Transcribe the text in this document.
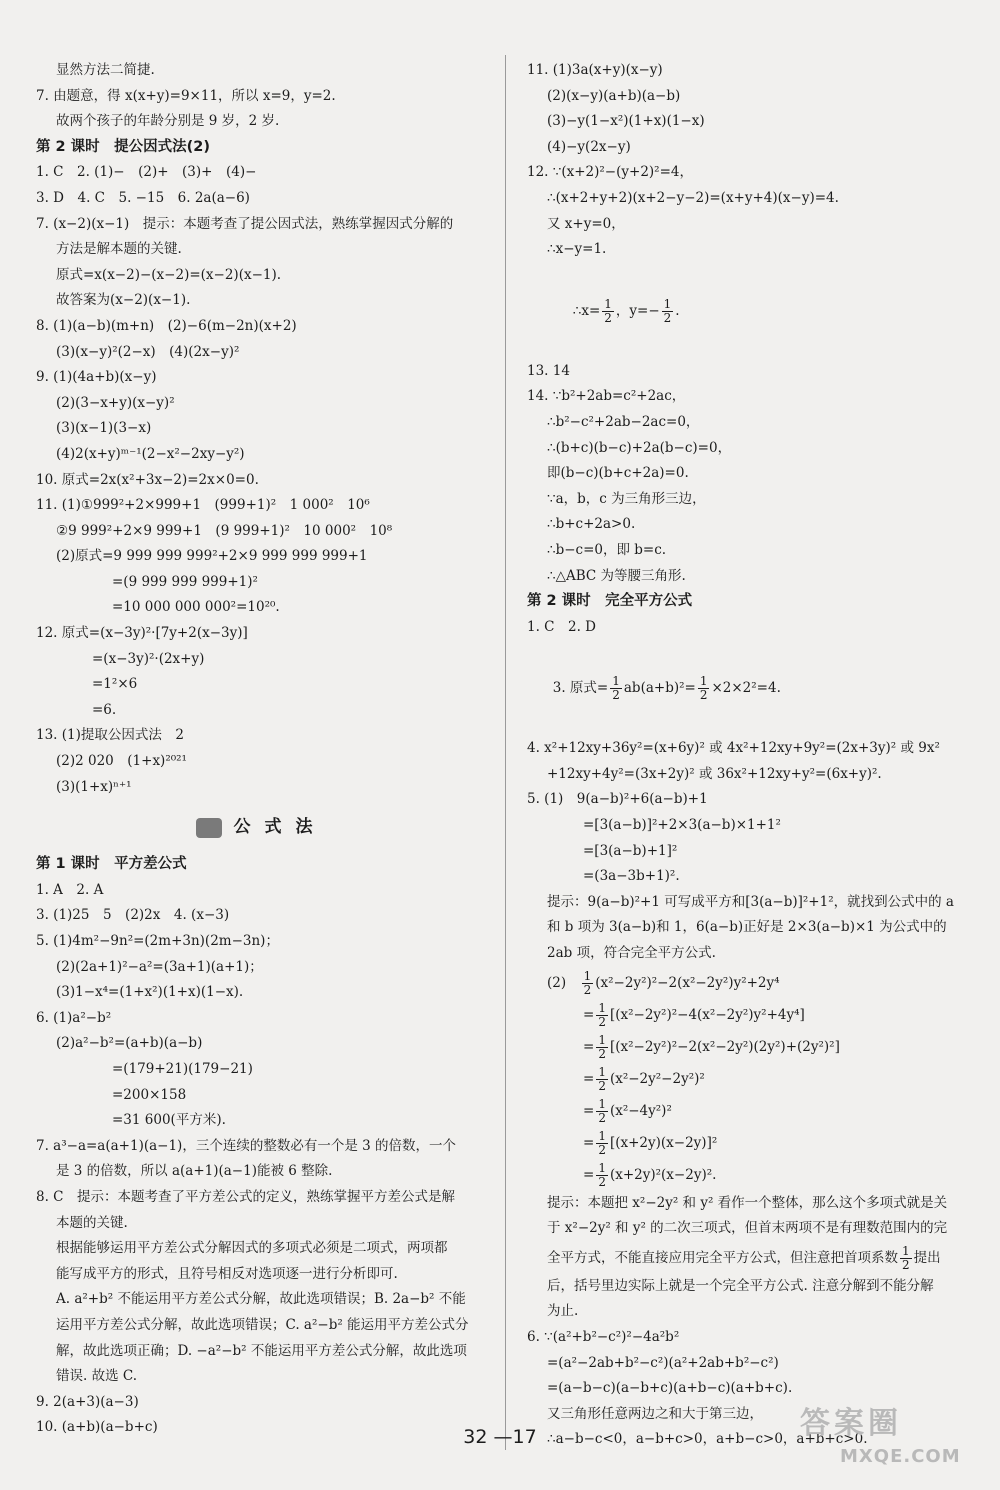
显然方法二简捷.
7. 由题意，得 x(x+y)=9×11，所以 x=9，y=2.
故两个孩子的年龄分别是 9 岁，2 岁.
第 2 课时　提公因式法(2)
1. C　2. (1)−　(2)+　(3)+　(4)−
3. D　4. C　5. −15　6. 2a(a−6)
7. (x−2)(x−1)　提示：本题考查了提公因式法，熟练掌握因式分解的
方法是解本题的关键.
原式=x(x−2)−(x−2)=(x−2)(x−1).
故答案为(x−2)(x−1).
8. (1)(a−b)(m+n)　(2)−6(m−2n)(x+2)
(3)(x−y)²(2−x)　(4)(2x−y)²
9. (1)(4a+b)(x−y)
(2)(3−x+y)(x−y)²
(3)(x−1)(3−x)
(4)2(x+y)ᵐ⁻¹(2−x²−2xy−y²)
10. 原式=2x(x²+3x−2)=2x×0=0.
11. (1)①999²+2×999+1　(999+1)²　1 000²　10⁶
②9 999²+2×9 999+1　(9 999+1)²　10 000²　10⁸
(2)原式=9 999 999 999²+2×9 999 999 999+1
=(9 999 999 999+1)²
=10 000 000 000²=10²⁰.
12. 原式=(x−3y)²·[7y+2(x−3y)]
=(x−3y)²·(2x+y)
=1²×6
=6.
13. (1)提取公因式法　2
(2)2 020　(1+x)²⁰²¹
(3)(1+x)ⁿ⁺¹
公式法
第 1 课时　平方差公式
1. A　2. A
3. (1)25　5　(2)2x　4. (x−3)
5. (1)4m²−9n²=(2m+3n)(2m−3n)；
(2)(2a+1)²−a²=(3a+1)(a+1)；
(3)1−x⁴=(1+x²)(1+x)(1−x).
6. (1)a²−b²
(2)a²−b²=(a+b)(a−b)
=(179+21)(179−21)
=200×158
=31 600(平方米).
7. a³−a=a(a+1)(a−1)，三个连续的整数必有一个是 3 的倍数，一个
是 3 的倍数，所以 a(a+1)(a−1)能被 6 整除.
8. C　提示：本题考查了平方差公式的定义，熟练掌握平方差公式是解
本题的关键.
根据能够运用平方差公式分解因式的多项式必须是二项式，两项都
能写成平方的形式，且符号相反对选项逐一进行分析即可.
A. a²+b² 不能运用平方差公式分解，故此选项错误；B. 2a−b² 不能
运用平方差公式分解，故此选项错误；C. a²−b² 能运用平方差公式分
解，故此选项正确；D. −a²−b² 不能运用平方差公式分解，故此选项
错误. 故选 C.
9. 2(a+3)(a−3)
10. (a+b)(a−b+c)
11. (1)3a(x+y)(x−y)
(2)(x−y)(a+b)(a−b)
(3)−y(1−x²)(1+x)(1−x)
(4)−y(2x−y)
12. ∵(x+2)²−(y+2)²=4，
∴(x+2+y+2)(x+2−y−2)=(x+y+4)(x−y)=4.
又 x+y=0，
∴x−y=1.

∴x= $\frac{1}{2}$ ，$y=- \frac{1}{2}$ .

13. 14
14. ∵b²+2ab=c²+2ac，
∴b²−c²+2ab−2ac=0，
∴(b+c)(b−c)+2a(b−c)=0，
即(b−c)(b+c+2a)=0.
∵a，b，c 为三角形三边，
∴b+c+2a>0.
∴b−c=0，即 b=c.
∴△ABC 为等腰三角形.
第 2 课时　完全平方公式
1. C　2. D

3. 原式= $\frac{1}{2} ab(a+b)^2= \frac{1}{2} \times 2\times 2^2=4$.

4. x²+12xy+36y²=(x+6y)² 或 4x²+12xy+9y²=(2x+3y)² 或 9x²
+12xy+4y²=(3x+2y)² 或 36x²+12xy+y²=(6x+y)².
5. (1)　9(a−b)²+6(a−b)+1
=[3(a−b)]²+2×3(a−b)×1+1²
=[3(a−b)+1]²
=(3a−3b+1)².
提示：9(a−b)²+1 可写成平方和[3(a−b)]²+1²，就找到公式中的 a
和 b 项为 3(a−b)和 1，6(a−b)正好是 2×3(a−b)×1 为公式中的
2ab 项，符合完全平方公式.
(2)　 $\frac{1}{2} (x^2-2y^2)^2-2(x^2-2y^2)y^2+2y^4$
= $\frac{1}{2} [(x^2-2y^2)^2-4(x^2-2y^2)y^2+4y^4]$
= $\frac{1}{2} [(x^2-2y^2)^2-2(x^2-2y^2)(2y^2)+(2y^2)^2]$
= $\frac{1}{2} (x^2-2y^2-2y^2)^2$
= $\frac{1}{2} (x^2-4y^2)^2$
= $\frac{1}{2} [(x+2y)(x-2y)]^2$
= $\frac{1}{2} (x+2y)^2(x-2y)^2$.
提示：本题把 x²−2y² 和 y² 看作一个整体，那么这个多项式就是关
于 x²−2y² 和 y² 的二次三项式，但首末两项不是有理数范围内的完
全平方式，不能直接应用完全平方公式，但注意把首项系数 $\frac{1}{2}$ 提出
后，括号里边实际上就是一个完全平方公式. 注意分解到不能分解
为止.
6. ∵(a²+b²−c²)²−4a²b²
=(a²−2ab+b²−c²)(a²+2ab+b²−c²)
=(a−b−c)(a−b+c)(a+b−c)(a+b+c).
又三角形任意两边之和大于第三边，
∴a−b−c<0，a−b+c>0，a+b−c>0，a+b+c>0.
32 —17	答案圈
MXQE.COM
